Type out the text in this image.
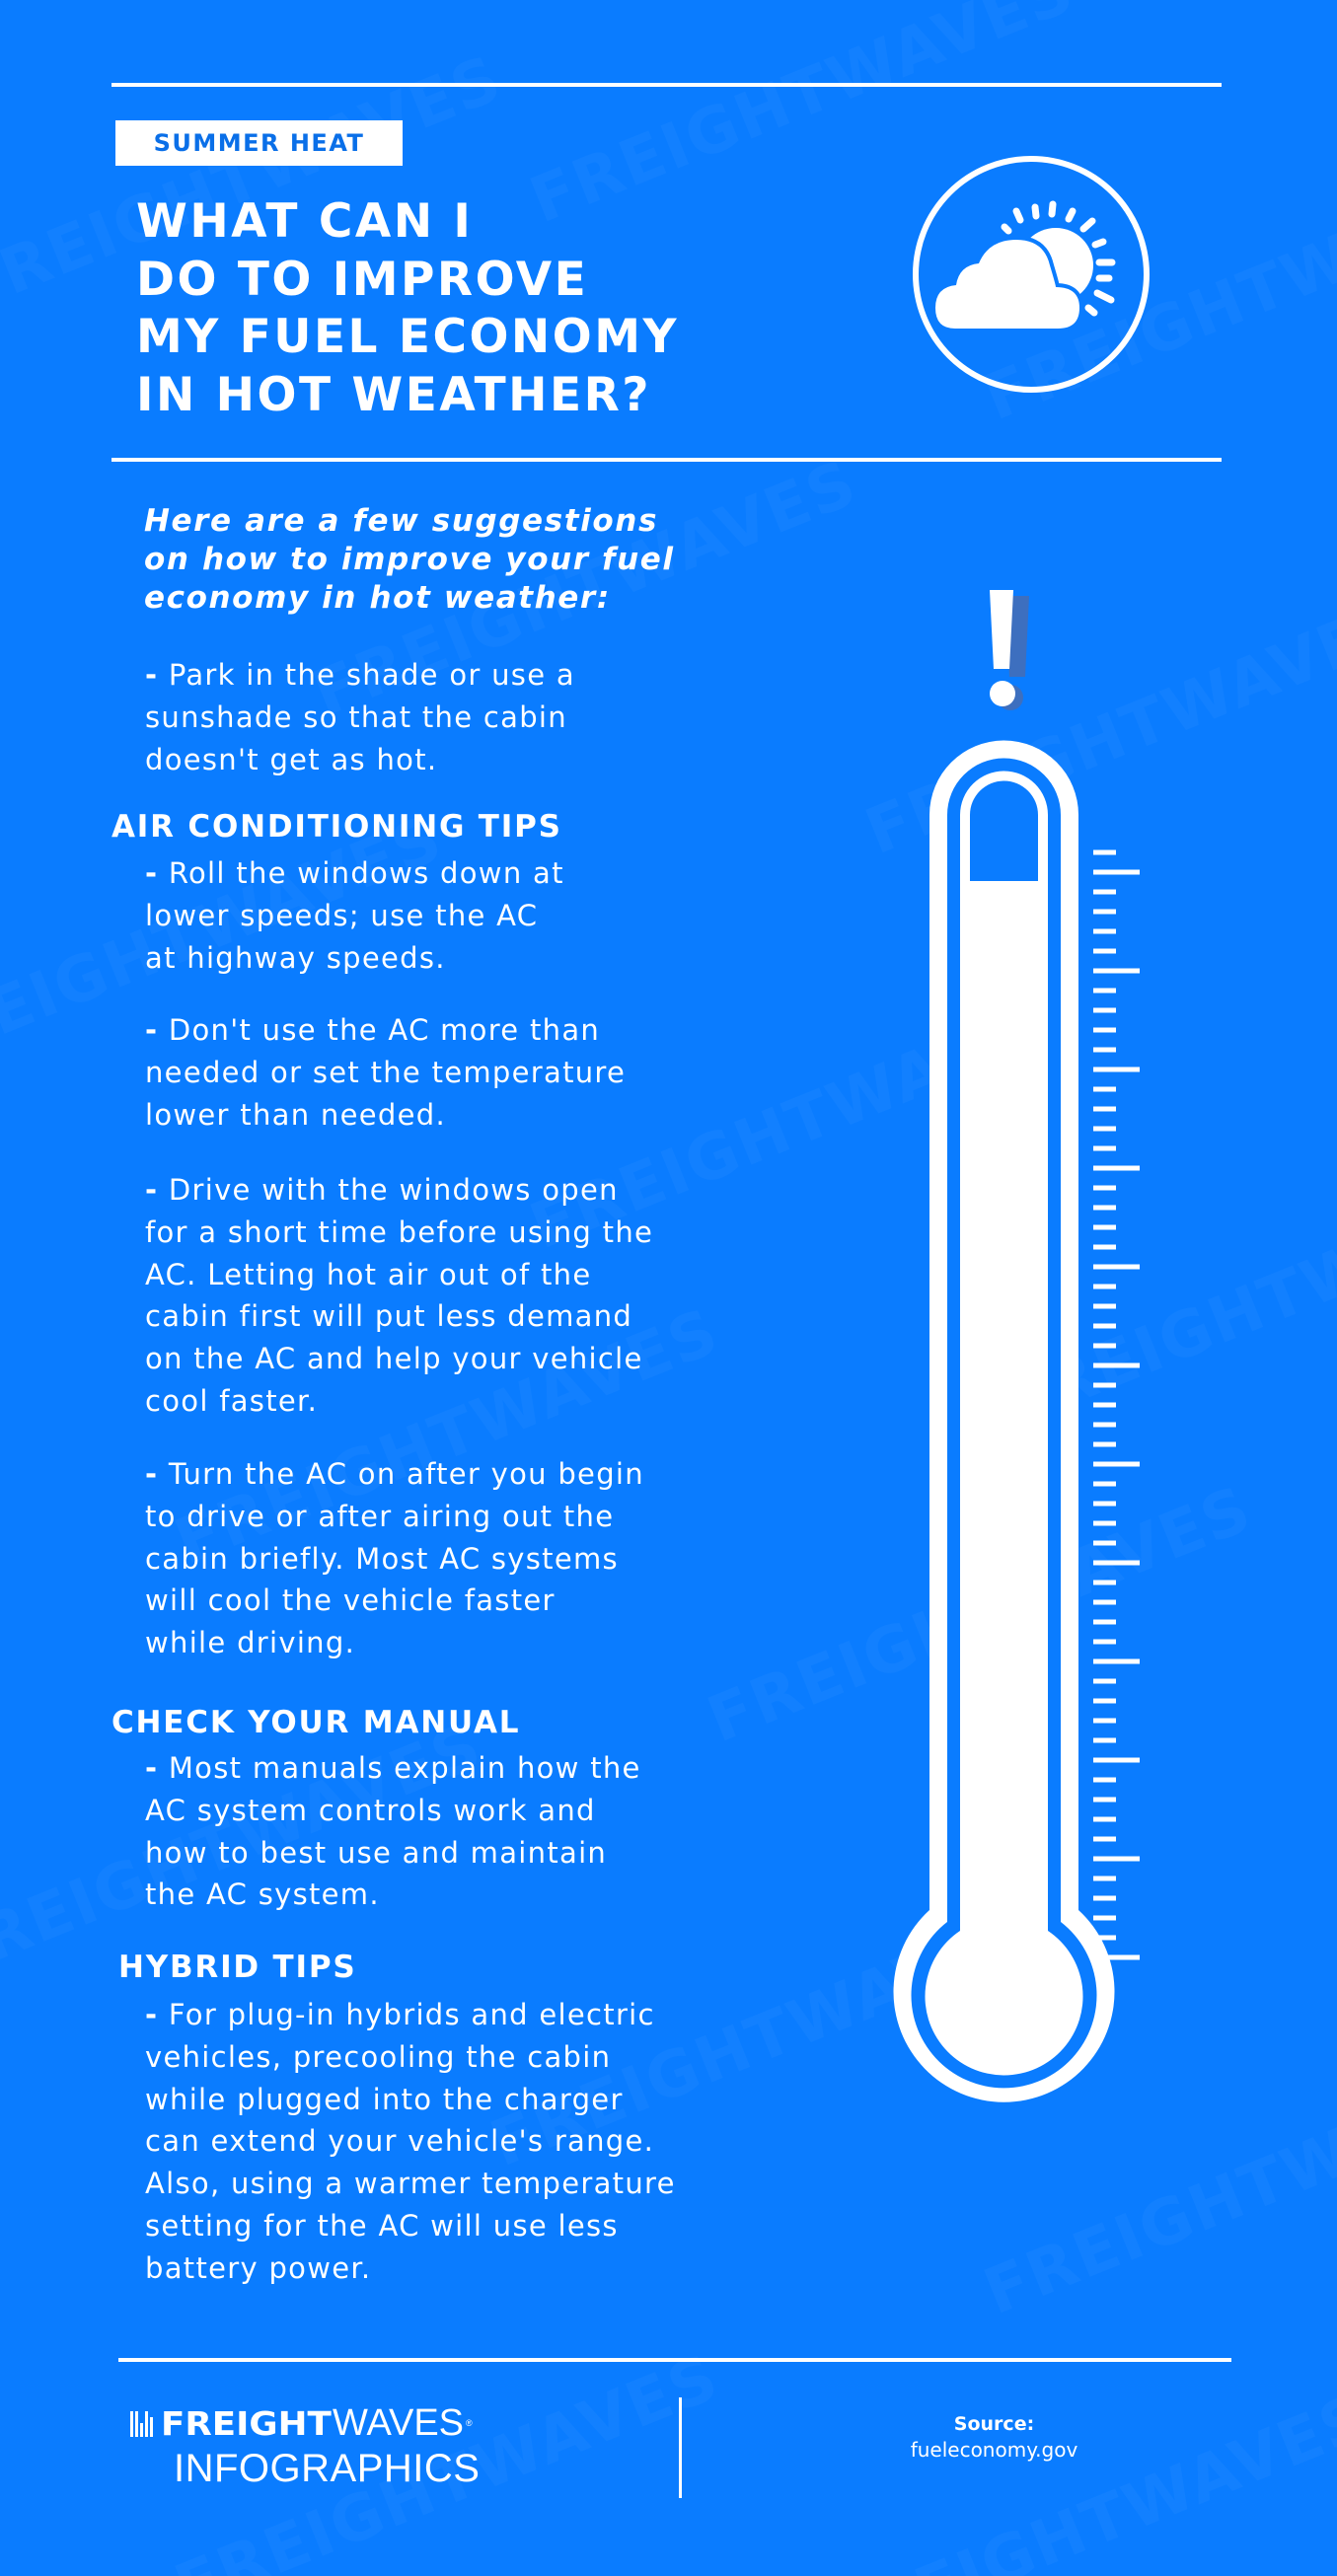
SUMMER HEAT
WHAT CAN I
DO TO IMPROVE
MY FUEL ECONOMY
IN HOT WEATHER?

Here are a few suggestions
on how to improve your fuel
economy in hot weather:

- Park in the shade or use a
sunshade so that the cabin
doesn't get as hot.

AIR CONDITIONING TIPS

- Roll the windows down at
lower speeds; use the AC
at highway speeds.

- Don't use the AC more than
needed or set the temperature
lower than needed.

- Drive with the windows open
for a short time before using the
AC. Letting hot air out of the
cabin first will put less demand
on the AC and help your vehicle
cool faster.

- Turn the AC on after you begin
to drive or after airing out the
cabin briefly. Most AC systems
will cool the vehicle faster
while driving.

CHECK YOUR MANUAL

- Most manuals explain how the
AC system controls work and
how to best use and maintain
the AC system.

HYBRID TIPS

- For plug-in hybrids and electric
vehicles, precooling the cabin
while plugged into the charger
can extend your vehicle's range.
Also, using a warmer temperature
setting for the AC will use less
battery power.

FREIGHT WAVES ®
INFOGRAPHICS
Source:
fueleconomy.gov
